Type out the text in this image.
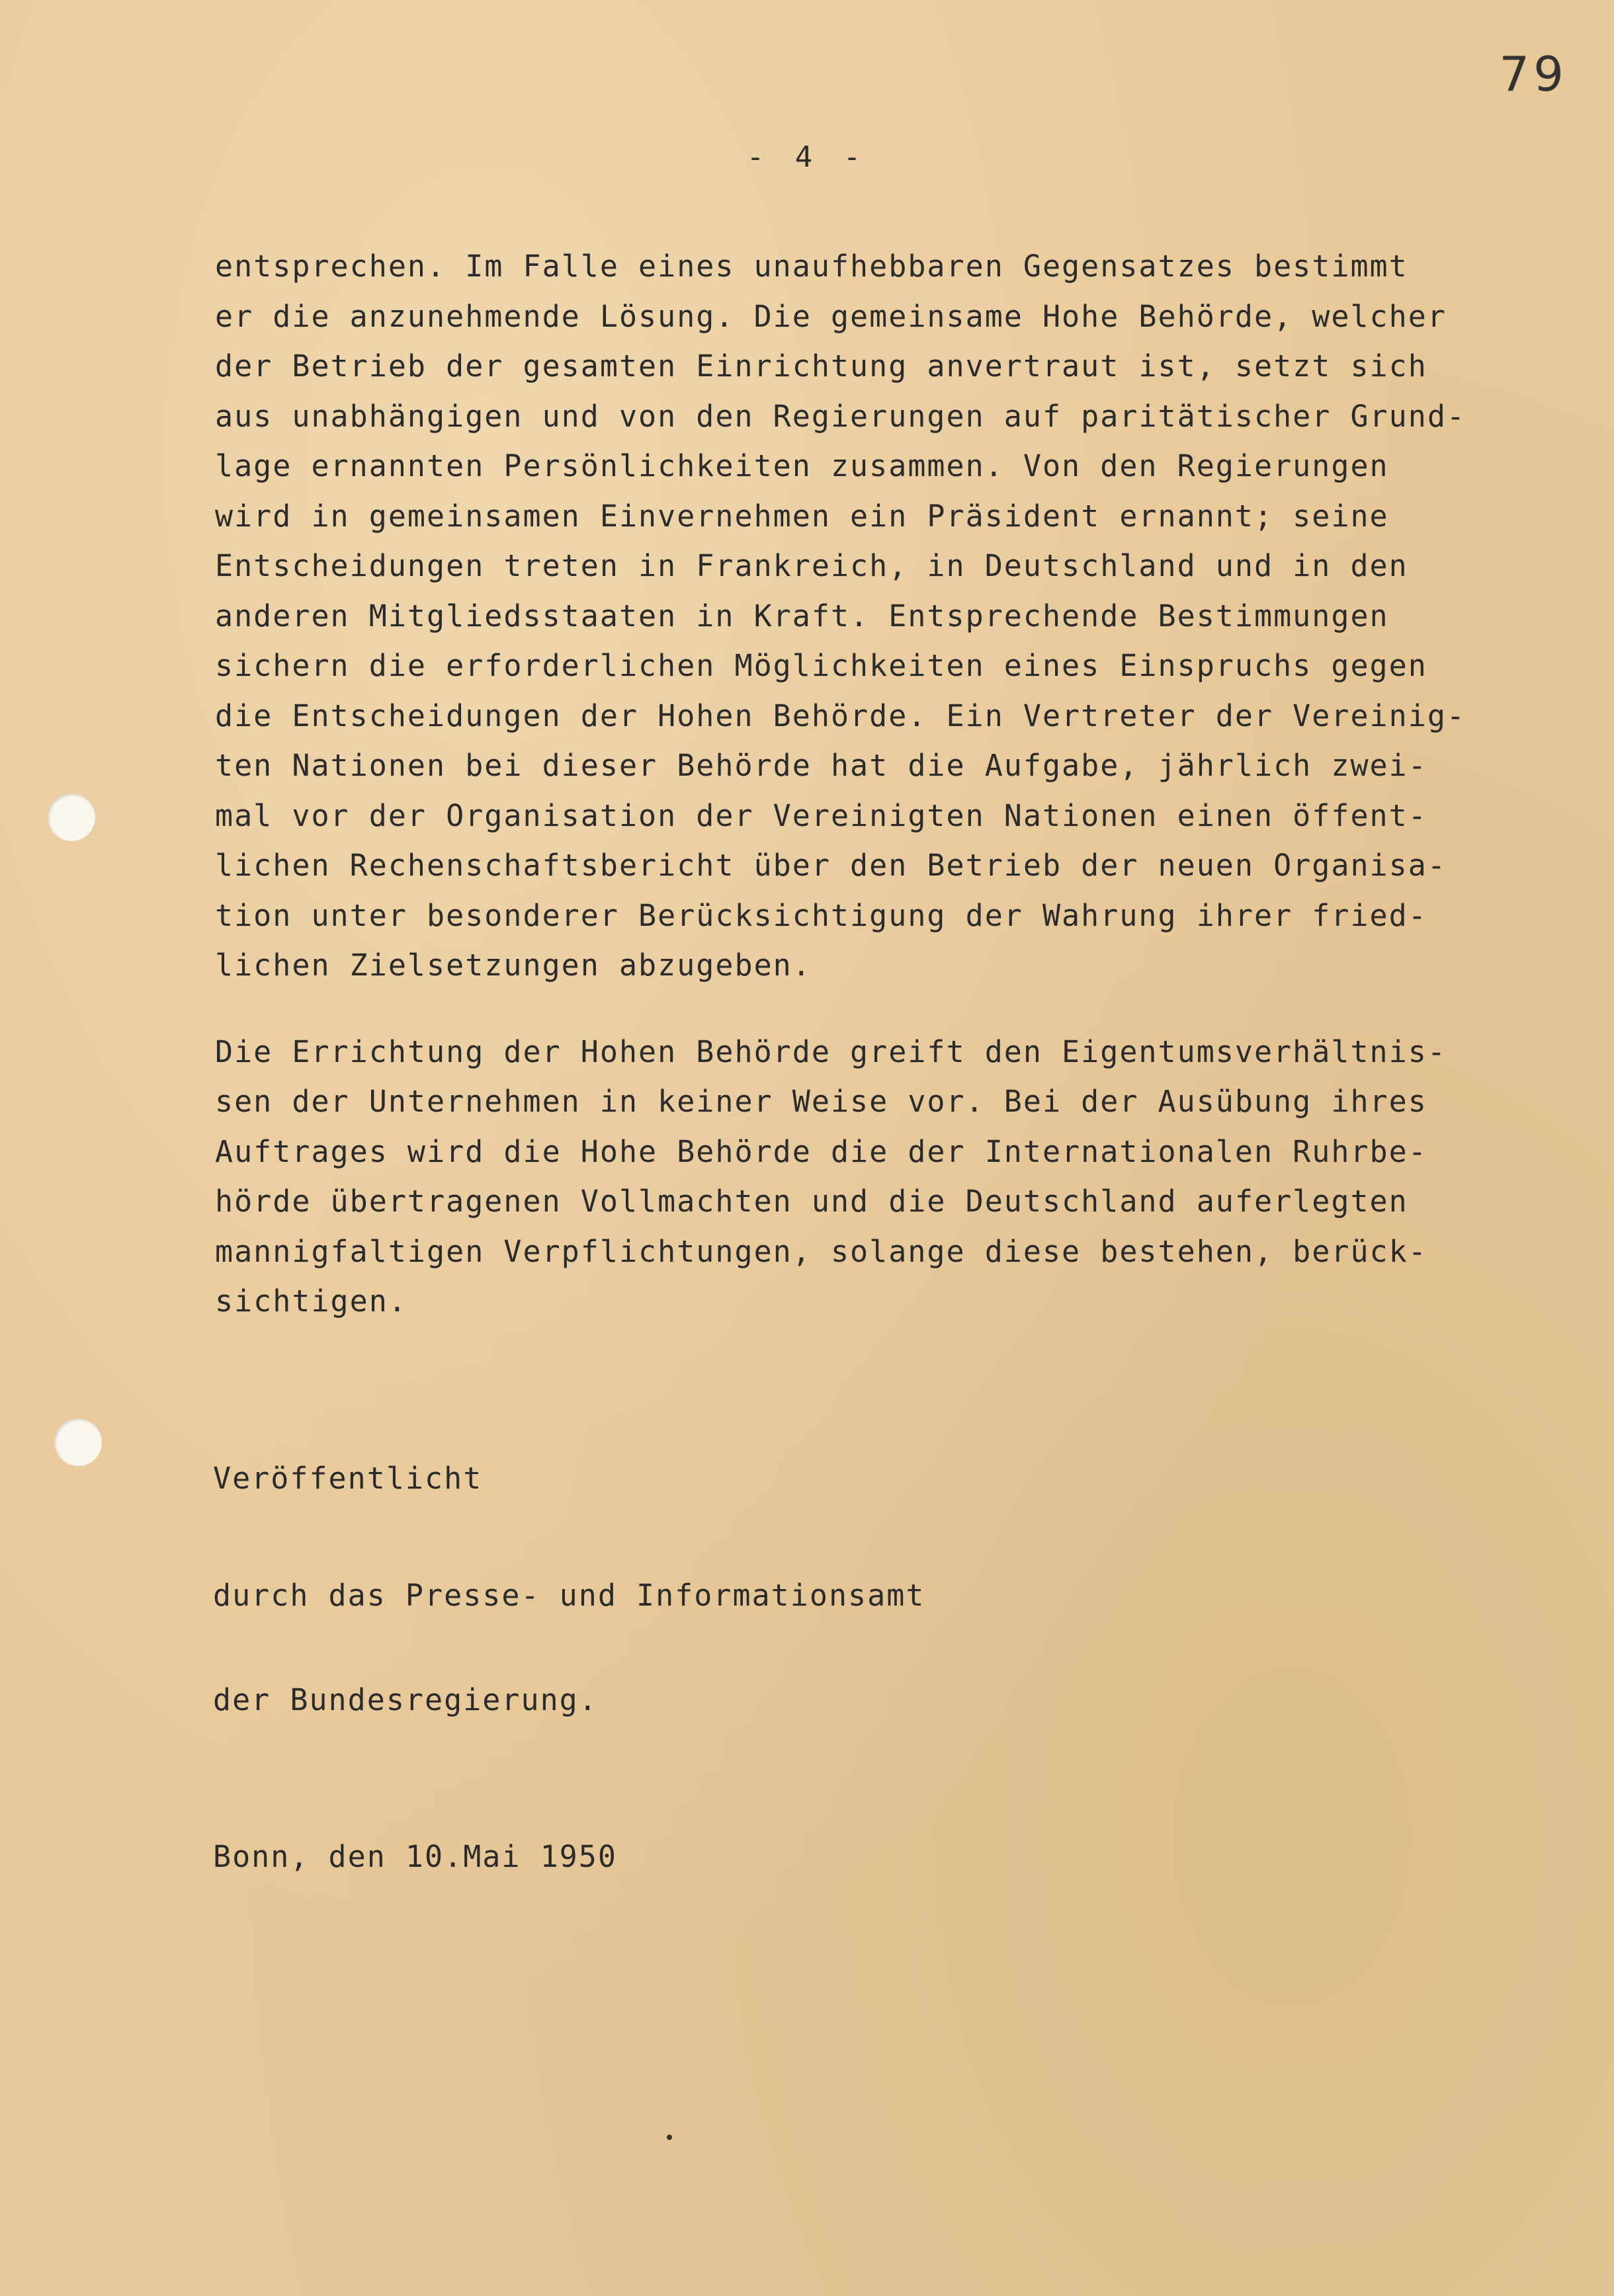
79
- 4 -
entsprechen. Im Falle eines unaufhebbaren Gegensatzes bestimmt
er die anzunehmende Lösung. Die gemeinsame Hohe Behörde, welcher
der Betrieb der gesamten Einrichtung anvertraut ist, setzt sich
aus unabhängigen und von den Regierungen auf paritätischer Grund-
lage ernannten Persönlichkeiten zusammen. Von den Regierungen
wird in gemeinsamen Einvernehmen ein Präsident ernannt; seine
Entscheidungen treten in Frankreich, in Deutschland und in den
anderen Mitgliedsstaaten in Kraft. Entsprechende Bestimmungen
sichern die erforderlichen Möglichkeiten eines Einspruchs gegen
die Entscheidungen der Hohen Behörde. Ein Vertreter der Vereinig-
ten Nationen bei dieser Behörde hat die Aufgabe, jährlich zwei-
mal vor der Organisation der Vereinigten Nationen einen öffent-
lichen Rechenschaftsbericht über den Betrieb der neuen Organisa-
tion unter besonderer Berücksichtigung der Wahrung ihrer fried-
lichen Zielsetzungen abzugeben.
Die Errichtung der Hohen Behörde greift den Eigentumsverhältnis-
sen der Unternehmen in keiner Weise vor. Bei der Ausübung ihres
Auftrages wird die Hohe Behörde die der Internationalen Ruhrbe-
hörde übertragenen Vollmachten und die Deutschland auferlegten
mannigfaltigen Verpflichtungen, solange diese bestehen, berück-
sichtigen.

Veröffentlicht

durch das Presse- und Informationsamt

der Bundesregierung.

Bonn, den 10.Mai 1950
